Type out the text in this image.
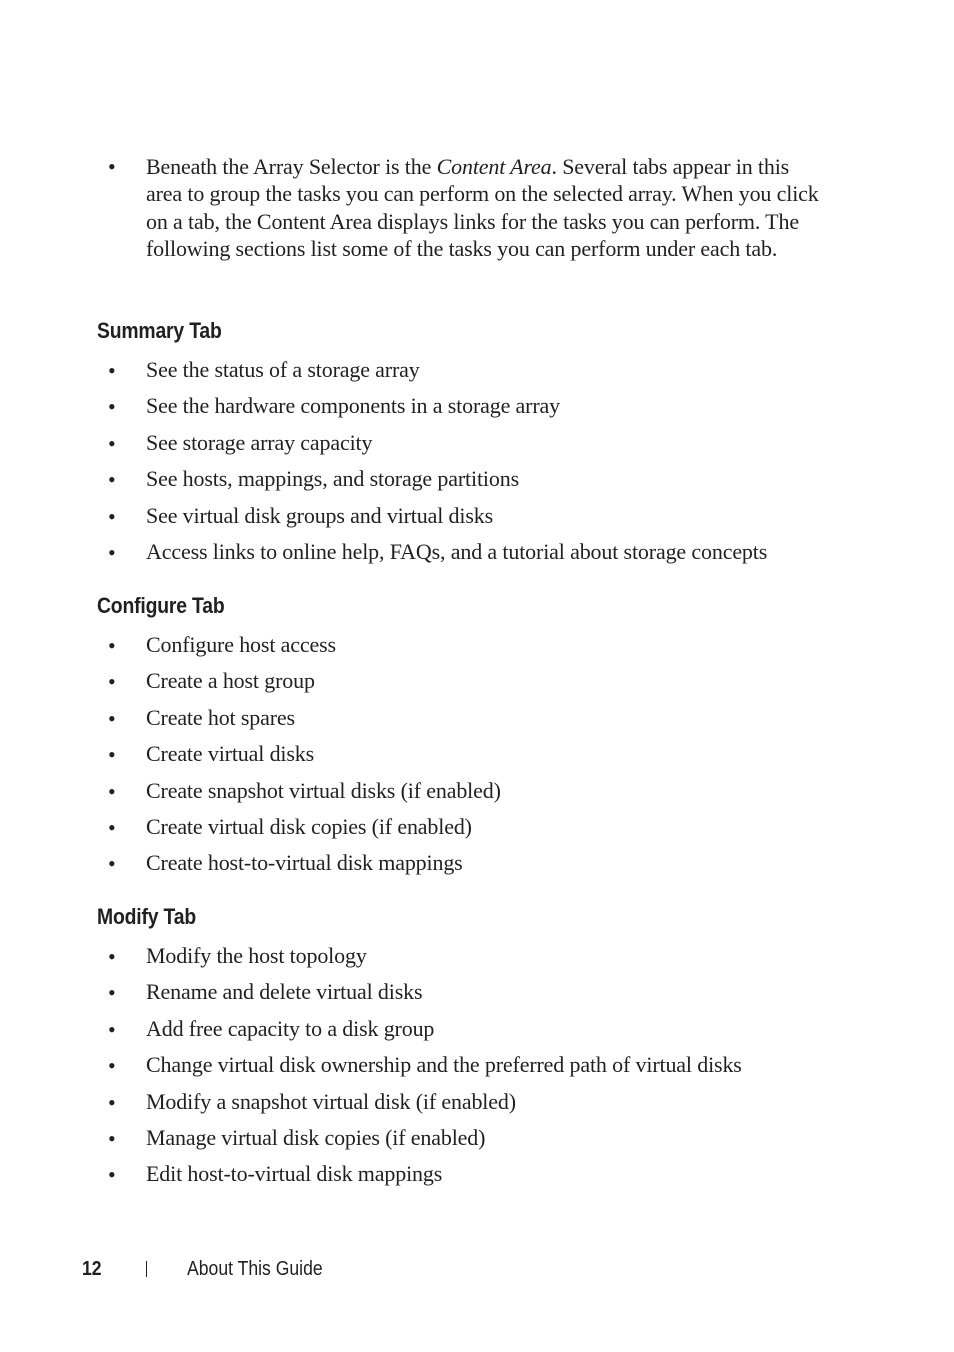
• Beneath the Array Selector is the Content Area. Several tabs appear in this area to group the tasks you can perform on the selected array. When you click on a tab, the Content Area displays links for the tasks you can perform. The following sections list some of the tasks you can perform under each tab.

Summary Tab
• See the status of a storage array
• See the hardware components in a storage array
• See storage array capacity
• See hosts, mappings, and storage partitions
• See virtual disk groups and virtual disks
• Access links to online help, FAQs, and a tutorial about storage concepts
Configure Tab
• Configure host access
• Create a host group
• Create hot spares
• Create virtual disks
• Create snapshot virtual disks (if enabled)
• Create virtual disk copies (if enabled)
• Create host-to-virtual disk mappings
Modify Tab
• Modify the host topology
• Rename and delete virtual disks
• Add free capacity to a disk group
• Change virtual disk ownership and the preferred path of virtual disks
• Modify a snapshot virtual disk (if enabled)
• Manage virtual disk copies (if enabled)
• Edit host-to-virtual disk mappings
12	About This Guide
